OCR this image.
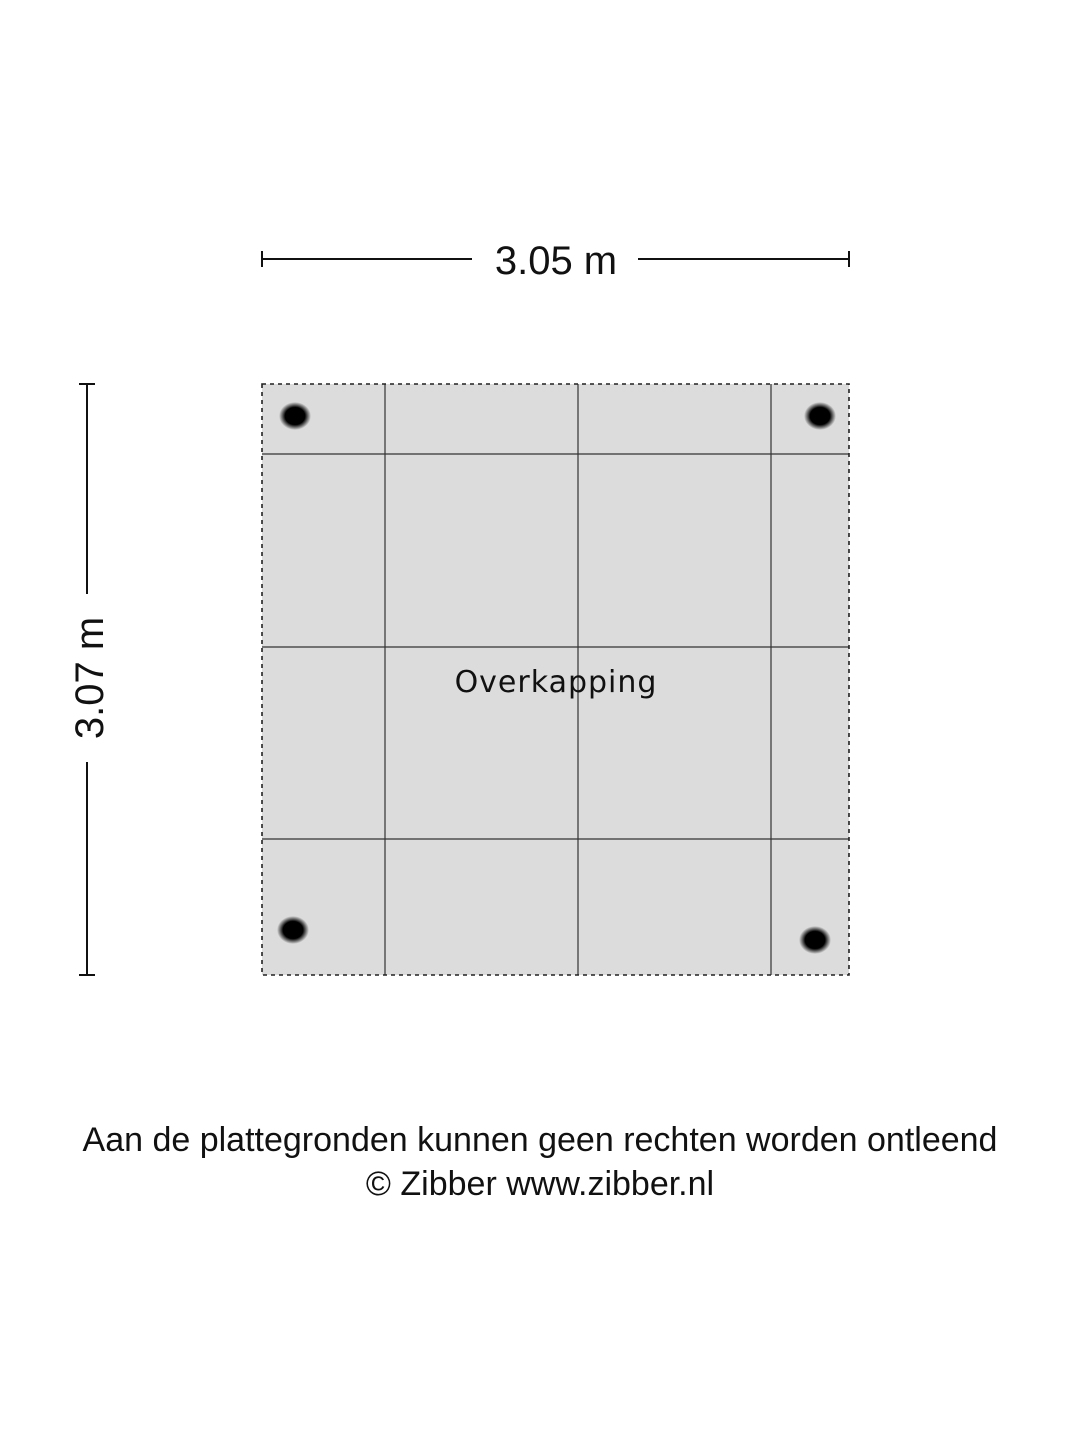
3.05 m
3.07 m	Overkapping
Aan de plattegronden kunnen geen rechten worden ontleend
© Zibber www.zibber.nl
